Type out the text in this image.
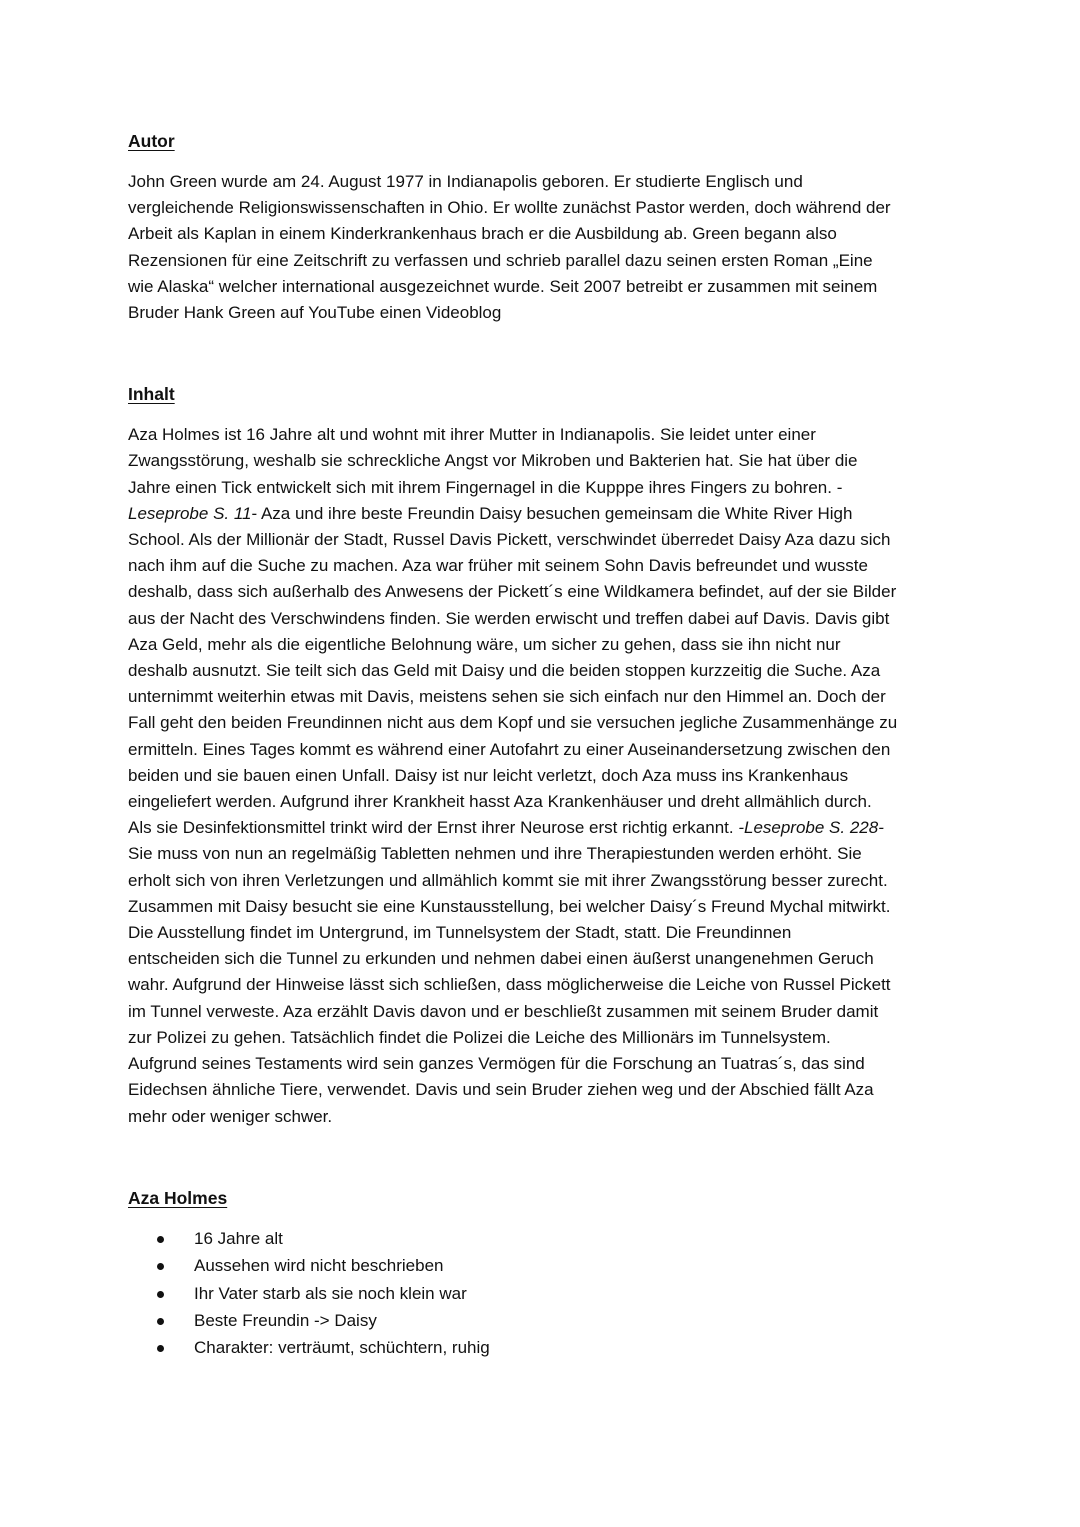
Autor

John Green wurde am 24. August 1977 in Indianapolis geboren. Er studierte Englisch und
vergleichende Religionswissenschaften in Ohio. Er wollte zunächst Pastor werden, doch während der
Arbeit als Kaplan in einem Kinderkrankenhaus brach er die Ausbildung ab. Green begann also
Rezensionen für eine Zeitschrift zu verfassen und schrieb parallel dazu seinen ersten Roman „Eine
wie Alaska“ welcher international ausgezeichnet wurde. Seit 2007 betreibt er zusammen mit seinem
Bruder Hank Green auf YouTube einen Videoblog

Inhalt

Aza Holmes ist 16 Jahre alt und wohnt mit ihrer Mutter in Indianapolis. Sie leidet unter einer
Zwangsstörung, weshalb sie schreckliche Angst vor Mikroben und Bakterien hat. Sie hat über die
Jahre einen Tick entwickelt sich mit ihrem Fingernagel in die Kupppe ihres Fingers zu bohren. -
Leseprobe S. 11- Aza und ihre beste Freundin Daisy besuchen gemeinsam die White River High
School. Als der Millionär der Stadt, Russel Davis Pickett, verschwindet überredet Daisy Aza dazu sich
nach ihm auf die Suche zu machen. Aza war früher mit seinem Sohn Davis befreundet und wusste
deshalb, dass sich außerhalb des Anwesens der Pickett´s eine Wildkamera befindet, auf der sie Bilder
aus der Nacht des Verschwindens finden. Sie werden erwischt und treffen dabei auf Davis. Davis gibt
Aza Geld, mehr als die eigentliche Belohnung wäre, um sicher zu gehen, dass sie ihn nicht nur
deshalb ausnutzt. Sie teilt sich das Geld mit Daisy und die beiden stoppen kurzzeitig die Suche. Aza
unternimmt weiterhin etwas mit Davis, meistens sehen sie sich einfach nur den Himmel an. Doch der
Fall geht den beiden Freundinnen nicht aus dem Kopf und sie versuchen jegliche Zusammenhänge zu
ermitteln. Eines Tages kommt es während einer Autofahrt zu einer Auseinandersetzung zwischen den
beiden und sie bauen einen Unfall. Daisy ist nur leicht verletzt, doch Aza muss ins Krankenhaus
eingeliefert werden. Aufgrund ihrer Krankheit hasst Aza Krankenhäuser und dreht allmählich durch.
Als sie Desinfektionsmittel trinkt wird der Ernst ihrer Neurose erst richtig erkannt. -Leseprobe S. 228-
Sie muss von nun an regelmäßig Tabletten nehmen und ihre Therapiestunden werden erhöht. Sie
erholt sich von ihren Verletzungen und allmählich kommt sie mit ihrer Zwangsstörung besser zurecht.
Zusammen mit Daisy besucht sie eine Kunstausstellung, bei welcher Daisy´s Freund Mychal mitwirkt.
Die Ausstellung findet im Untergrund, im Tunnelsystem der Stadt, statt. Die Freundinnen
entscheiden sich die Tunnel zu erkunden und nehmen dabei einen äußerst unangenehmen Geruch
wahr. Aufgrund der Hinweise lässt sich schließen, dass möglicherweise die Leiche von Russel Pickett
im Tunnel verweste. Aza erzählt Davis davon und er beschließt zusammen mit seinem Bruder damit
zur Polizei zu gehen. Tatsächlich findet die Polizei die Leiche des Millionärs im Tunnelsystem.
Aufgrund seines Testaments wird sein ganzes Vermögen für die Forschung an Tuatras´s, das sind
Eidechsen ähnliche Tiere, verwendet. Davis und sein Bruder ziehen weg und der Abschied fällt Aza
mehr oder weniger schwer.

Aza Holmes
16 Jahre alt
Aussehen wird nicht beschrieben
Ihr Vater starb als sie noch klein war
Beste Freundin -> Daisy
Charakter: verträumt, schüchtern, ruhig
